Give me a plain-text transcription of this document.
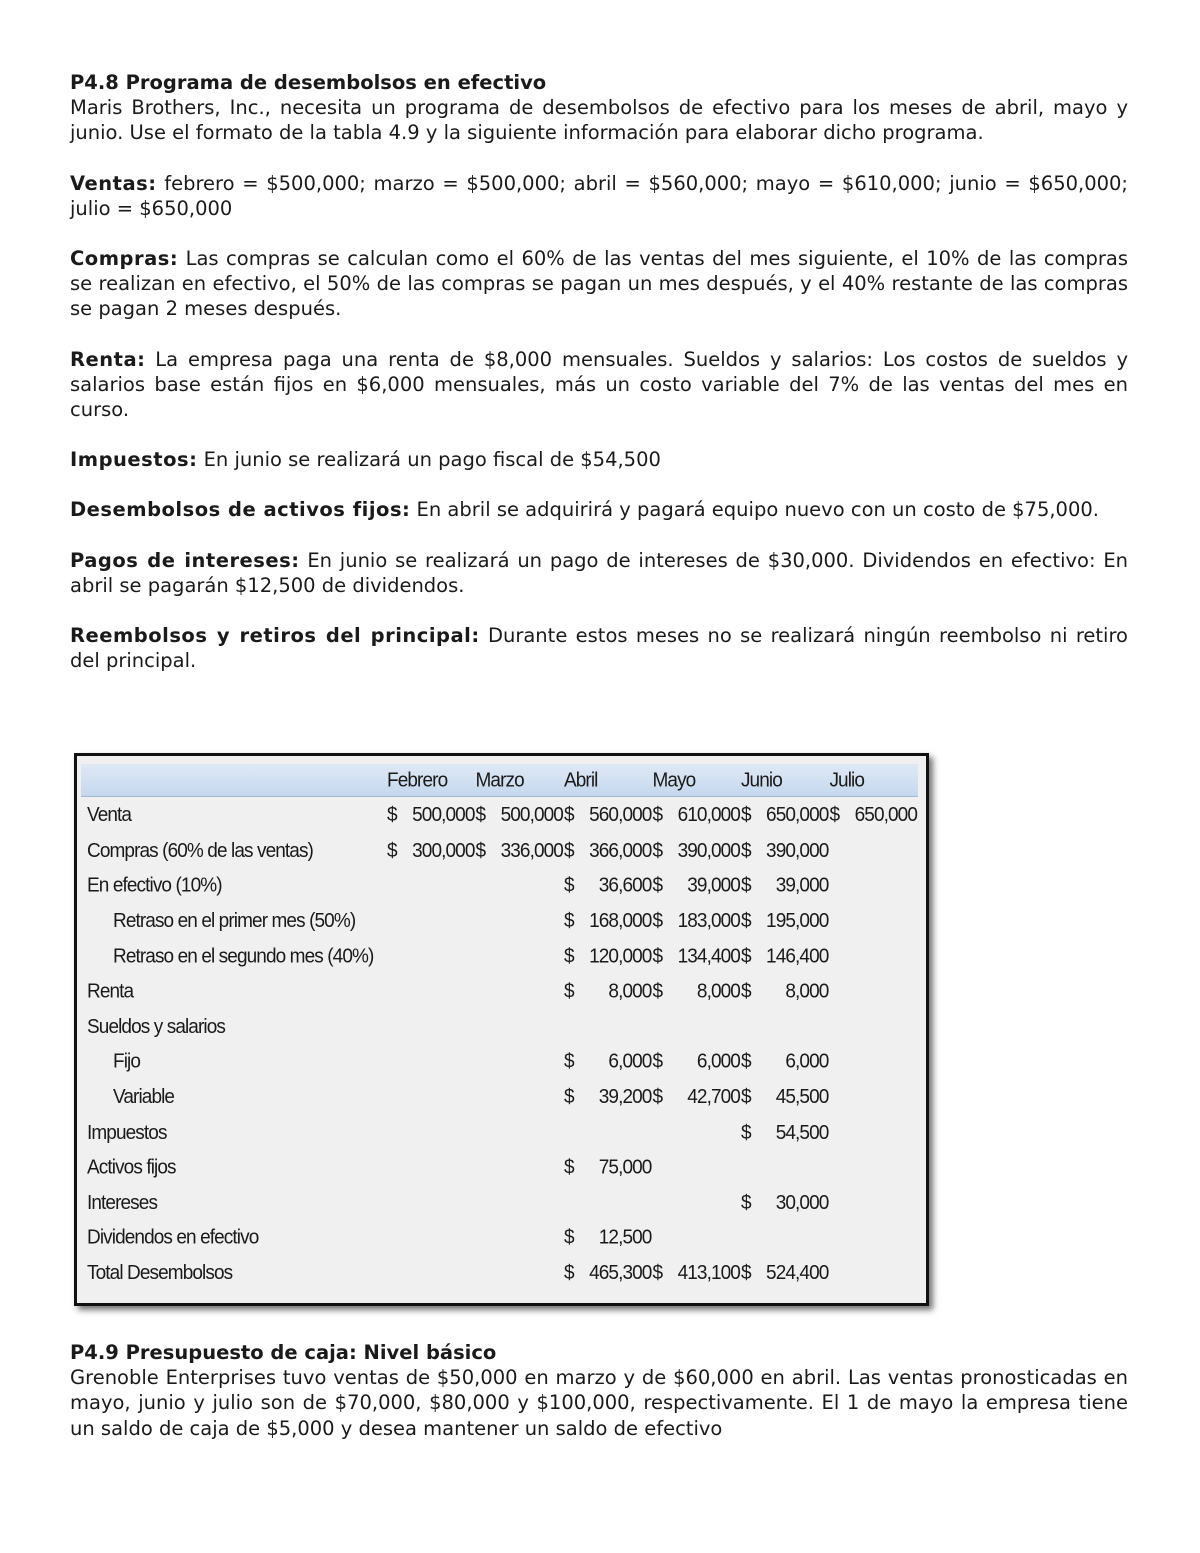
P4.8 Programa de desembolsos en efectivo

Maris Brothers, Inc., necesita un programa de desembolsos de efectivo para los meses de abril, mayo y junio. Use el formato de la tabla 4.9 y la siguiente información para elaborar dicho programa.

Ventas: febrero = $500,000; marzo = $500,000; abril = $560,000; mayo = $610,000; junio = $650,000; julio = $650,000

Compras: Las compras se calculan como el 60% de las ventas del mes siguiente, el 10% de las compras se realizan en efectivo, el 50% de las compras se pagan un mes después, y el 40% restante de las compras se pagan 2 meses después.

Renta: La empresa paga una renta de $8,000 mensuales. Sueldos y salarios: Los costos de sueldos y salarios base están fijos en $6,000 mensuales, más un costo variable del 7% de las ventas del mes en curso.

Impuestos: En junio se realizará un pago fiscal de $54,500

Desembolsos de activos fijos: En abril se adquirirá y pagará equipo nuevo con un costo de $75,000.

Pagos de intereses: En junio se realizará un pago de intereses de $30,000. Dividendos en efectivo: En abril se pagarán $12,500 de dividendos.

Reembolsos y retiros del principal: Durante estos meses no se realizará ningún reembolso ni retiro del principal.

	Febrero		Marzo		Abril		Mayo		Junio		Julio	
Venta	$	500,000	$	500,000	$	560,000	$	610,000	$	650,000	$	650,000
Compras (60% de las ventas)	$	300,000	$	336,000	$	366,000	$	390,000	$	390,000		
En efectivo (10%)					$	36,600	$	39,000	$	39,000		
Retraso en el primer mes (50%)					$	168,000	$	183,000	$	195,000		
Retraso en el segundo mes (40%)					$	120,000	$	134,400	$	146,400		
Renta					$	8,000	$	8,000	$	8,000		
Sueldos y salarios												
Fijo					$	6,000	$	6,000	$	6,000		
Variable					$	39,200	$	42,700	$	45,500		
Impuestos									$	54,500		
Activos fijos					$	75,000						
Intereses									$	30,000		
Dividendos en efectivo					$	12,500						
Total Desembolsos					$	465,300	$	413,100	$	524,400		

P4.9 Presupuesto de caja: Nivel básico

Grenoble Enterprises tuvo ventas de $50,000 en marzo y de $60,000 en abril. Las ventas pronosticadas en mayo, junio y julio son de $70,000, $80,000 y $100,000, respectivamente. El 1 de mayo la empresa tiene un saldo de caja de $5,000 y desea mantener un saldo de efectivo
